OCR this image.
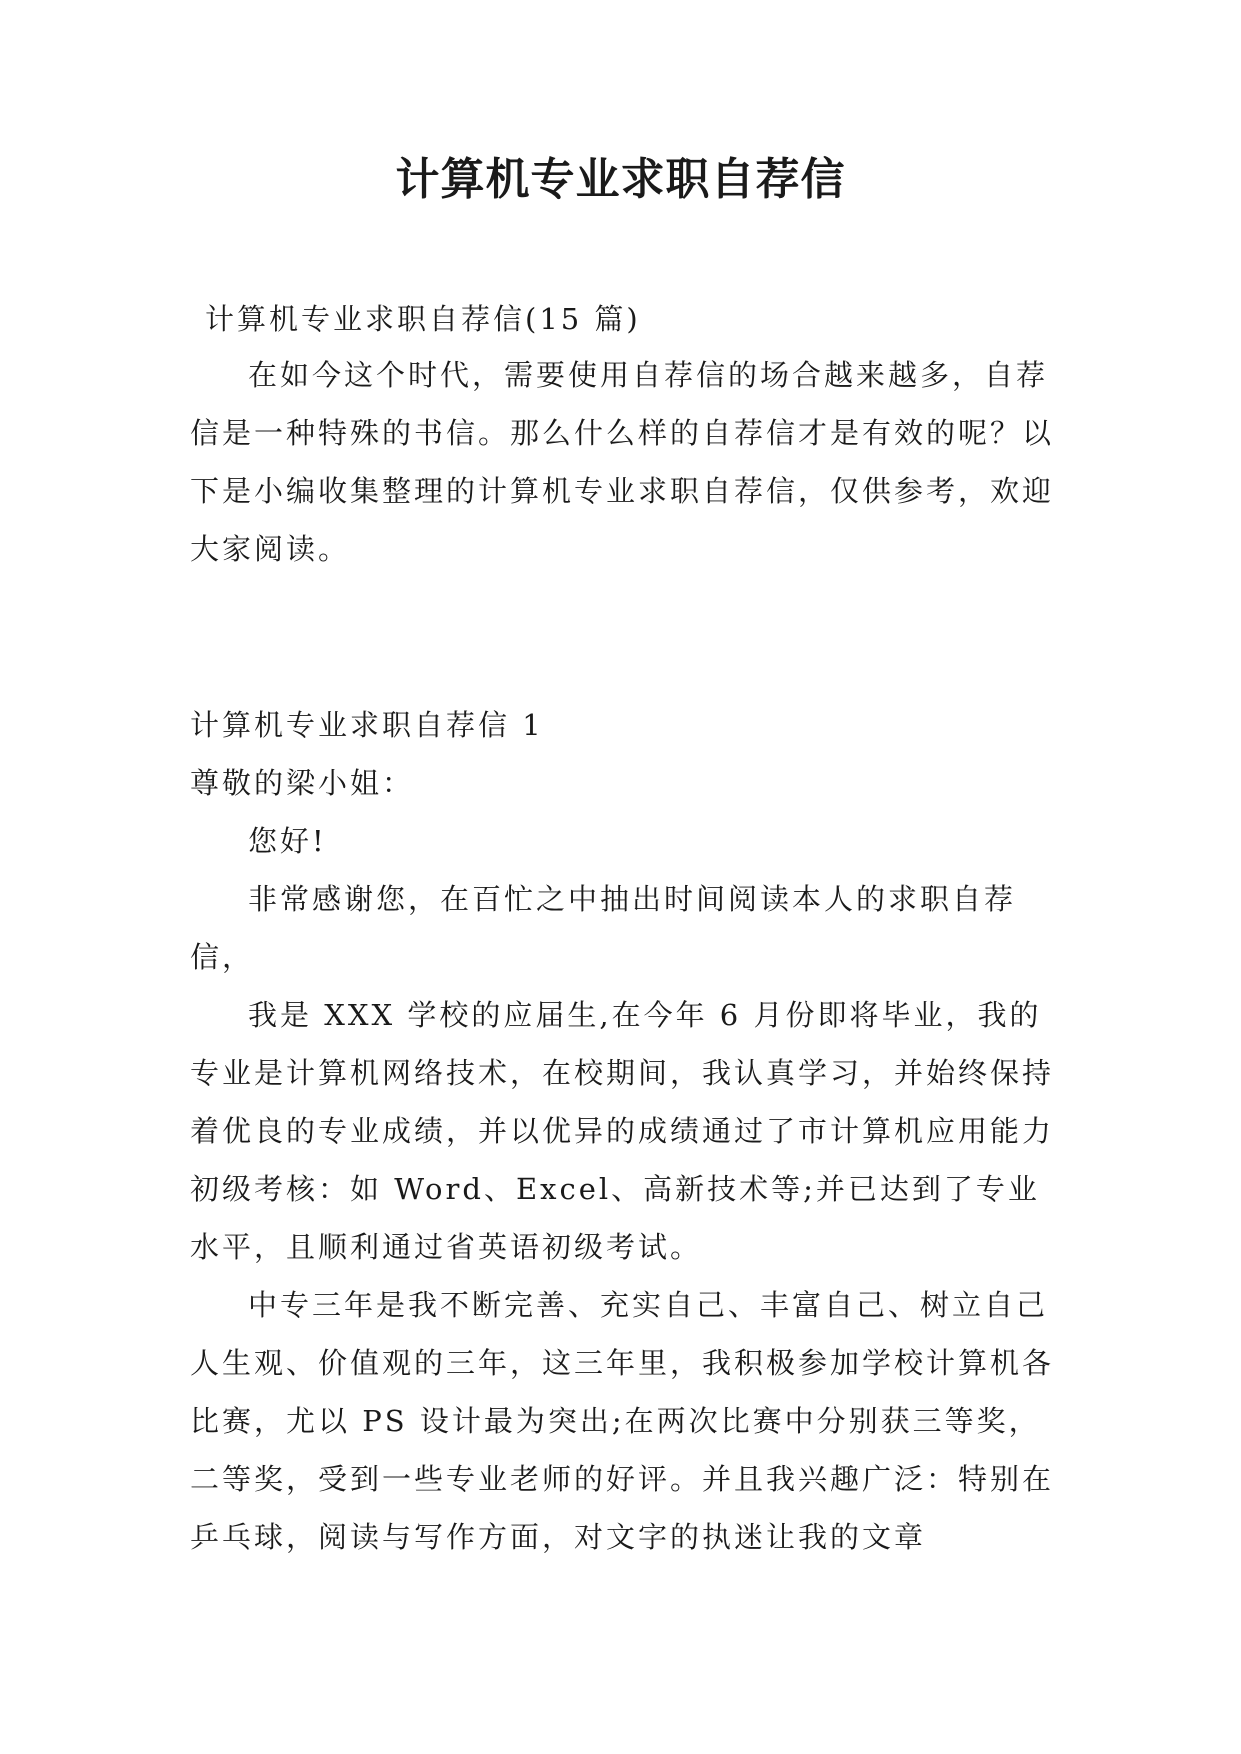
计算机专业求职自荐信
计算机专业求职自荐信(15 篇)

在如今这个时代，需要使用自荐信的场合越来越多，自荐信是一种特殊的书信。那么什么样的自荐信才是有效的呢？以下是小编收集整理的计算机专业求职自荐信，仅供参考，欢迎大家阅读。

计算机专业求职自荐信 1

尊敬的梁小姐：

您好!

非常感谢您，在百忙之中抽出时间阅读本人的求职自荐信，

我是 XXX 学校的应届生,在今年 6 月份即将毕业，我的专业是计算机网络技术，在校期间，我认真学习，并始终保持着优良的专业成绩，并以优异的成绩通过了市计算机应用能力初级考核：如 Word、Excel、高新技术等;并已达到了专业水平，且顺利通过省英语初级考试。

中专三年是我不断完善、充实自己、丰富自己、树立自己人生观、价值观的三年，这三年里，我积极参加学校计算机各比赛，尤以 PS 设计最为突出;在两次比赛中分别获三等奖，二等奖，受到一些专业老师的好评。并且我兴趣广泛：特别在乒乓球，阅读与写作方面，对文字的执迷让我的文章
